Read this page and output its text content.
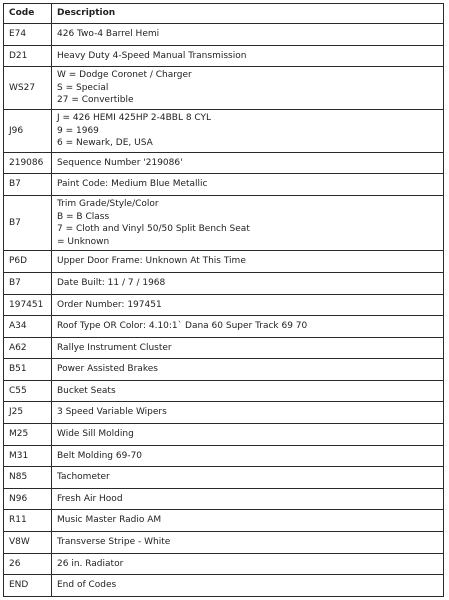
Code	Description
E74	426 Two-4 Barrel Hemi

D21	Heavy Duty 4-Speed Manual Transmission

WS27	W = Dodge Coronet / Charger
S = Special
27 = Convertible

J96	J = 426 HEMI 425HP 2-4BBL 8 CYL
9 = 1969
6 = Newark, DE, USA

219086	Sequence Number '219086'

B7	Paint Code: Medium Blue Metallic

B7	Trim Grade/Style/Color
B = B Class
7 = Cloth and Vinyl 50/50 Split Bench Seat
= Unknown

P6D	Upper Door Frame: Unknown At This Time

B7	Date Built: 11 / 7 / 1968

197451	Order Number: 197451

A34	Roof Type OR Color: 4.10:1` Dana 60 Super Track 69 70

A62	Rallye Instrument Cluster

B51	Power Assisted Brakes

C55	Bucket Seats

J25	3 Speed Variable Wipers

M25	Wide Sill Molding

M31	Belt Molding 69-70

N85	Tachometer

N96	Fresh Air Hood

R11	Music Master Radio AM

V8W	Transverse Stripe - White

26	26 in. Radiator

END	End of Codes
